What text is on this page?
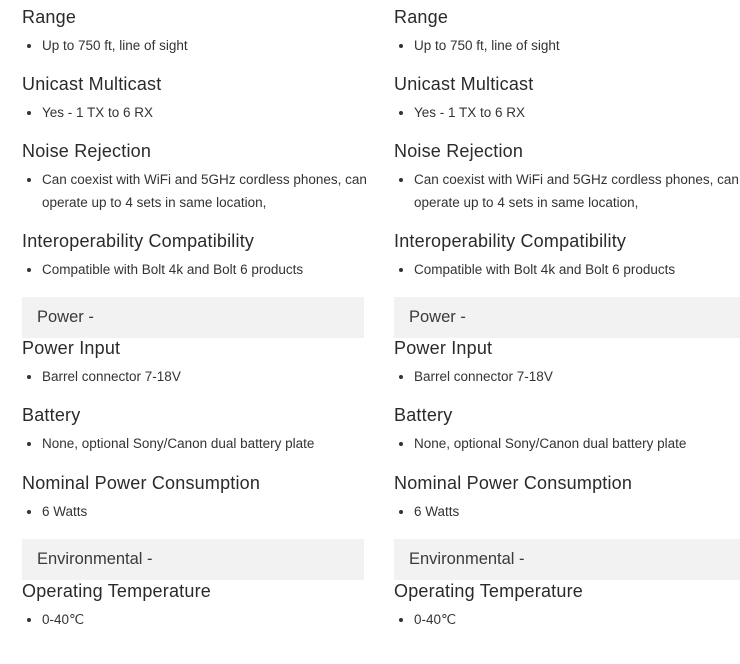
Range
• Up to 750 ft, line of sight
Unicast Multicast
• Yes - 1 TX to 6 RX
Noise Rejection
• Can coexist with WiFi and 5GHz cordless phones, can operate up to 4 sets in same location,
Interoperability Compatibility
• Compatible with Bolt 4k and Bolt 6 products
Power -
Power Input
• Barrel connector 7-18V
Battery
• None, optional Sony/Canon dual battery plate
Nominal Power Consumption
• 6 Watts
Environmental -
Operating Temperature
• 0-40℃
Range
• Up to 750 ft, line of sight
Unicast Multicast
• Yes - 1 TX to 6 RX
Noise Rejection
• Can coexist with WiFi and 5GHz cordless phones, can operate up to 4 sets in same location,
Interoperability Compatibility
• Compatible with Bolt 4k and Bolt 6 products
Power -
Power Input
• Barrel connector 7-18V
Battery
• None, optional Sony/Canon dual battery plate
Nominal Power Consumption
• 6 Watts
Environmental -
Operating Temperature
• 0-40℃
